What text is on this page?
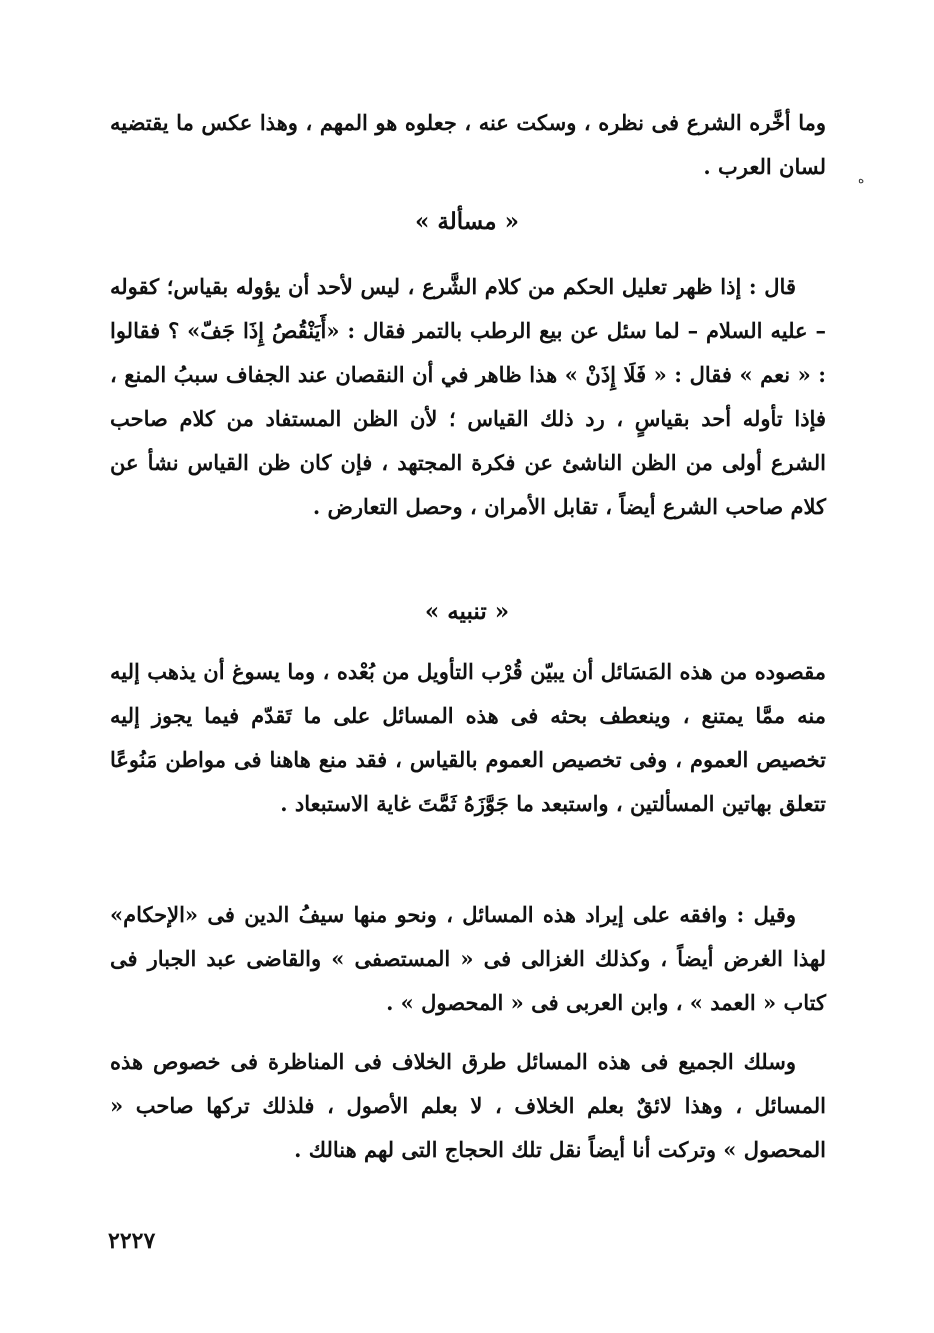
ه

وما أخَّره الشرع فى نظره ، وسكت عنه ، جعلوه هو المهم ، وهذا عكس ما يقتضيه لسان العرب .

« مسألة »

قال : إذا ظهر تعليل الحكم من كلام الشَّرع ، ليس لأحد أن يؤوله بقياس؛ كقوله – عليه السلام – لما سئل عن بيع الرطب بالتمر فقال : «أَيَنْقُصُ إِذَا جَفّ» ؟ فقالوا : « نعم » فقال : « فَلَا إِذَنْ » هذا ظاهر في أن النقصان عند الجفاف سببُ المنع ، فإذا تأوله أحد بقياسٍ ، رد ذلك القياس ؛ لأن الظن المستفاد من كلام صاحب الشرع أولى من الظن الناشئ عن فكرة المجتهد ، فإن كان ظن القياس نشأ عن كلام صاحب الشرع أيضاً ، تقابل الأمران ، وحصل التعارض .

« تنبيه »

مقصوده من هذه المَسَائل أن يبيّن قُرْب التأويل من بُعْده ، وما يسوغ أن يذهب إليه منه ممَّا يمتنع ، وينعطف بحثه فى هذه المسائل على ما تَقدّم فيما يجوز إليه تخصيص العموم ، وفى تخصيص العموم بالقياس ، فقد منع هاهنا فى مواطن مَنُوعًا تتعلق بهاتين المسألتين ، واستبعد ما جَوَّزَهُ ثَمَّتَ غاية الاستبعاد .

وقيل : وافقه على إيراد هذه المسائل ، ونحو منها سيفُ الدين فى «الإحكام» لهذا الغرض أيضاً ، وكذلك الغزالى فى « المستصفى » والقاضى عبد الجبار فى كتاب « العمد » ، وابن العربى فى « المحصول » .

وسلك الجميع فى هذه المسائل طرق الخلاف فى المناظرة فى خصوص هذه المسائل ، وهذا لائقٌ بعلم الخلاف ، لا بعلم الأصول ، فلذلك تركها صاحب « المحصول » وتركت أنا أيضاً نقل تلك الحجاج التى لهم هنالك .

٢٢٢٧
